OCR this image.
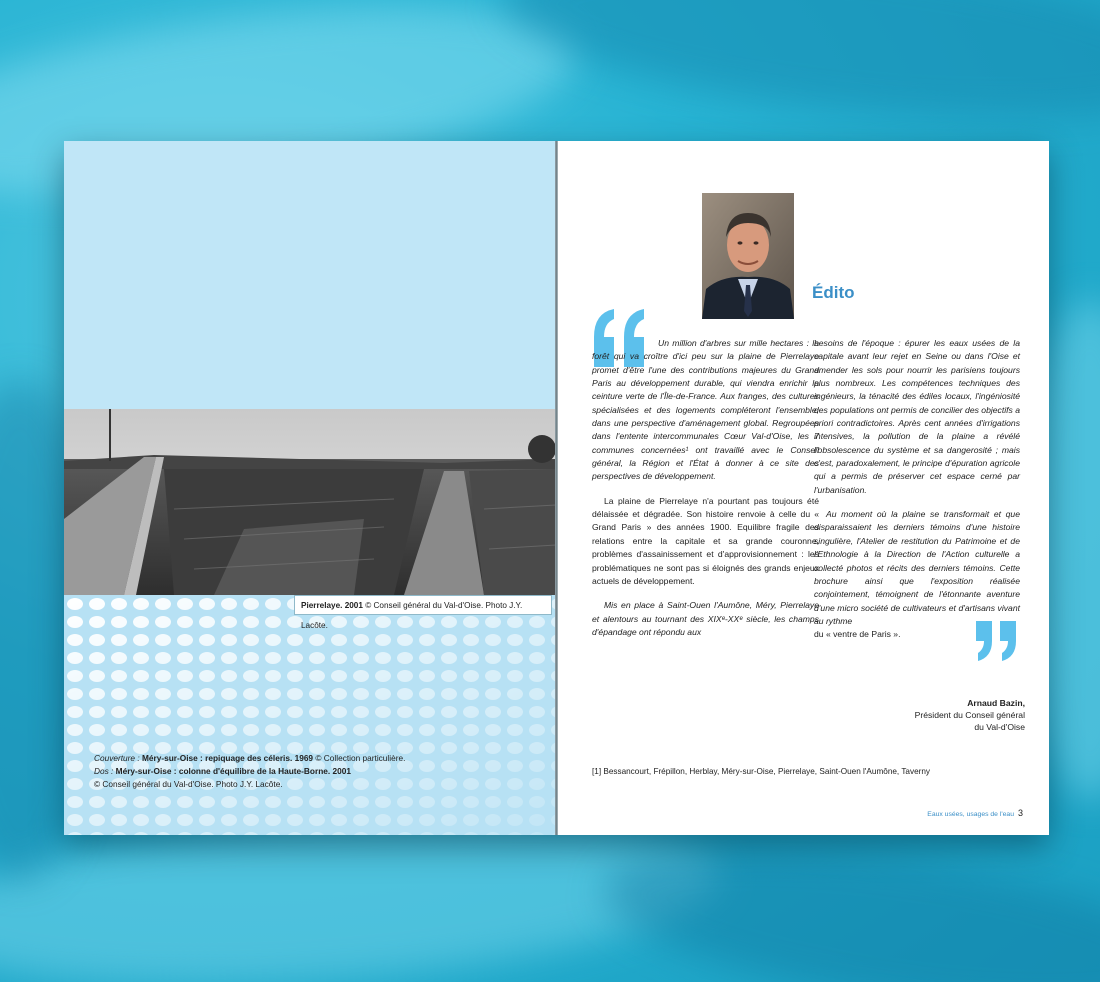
Pierrelaye. 2001 © Conseil général du Val-d'Oise. Photo J.Y. Lacôte.
Couverture : Méry-sur-Oise : repiquage des céleris. 1969 © Collection particulière.
Dos : Méry-sur-Oise : colonne d'équilibre de la Haute-Borne. 2001
© Conseil général du Val-d'Oise. Photo J.Y. Lacôte.
Édito

Un million d'arbres sur mille hectares : la forêt qui va croître d'ici peu sur la plaine de Pierrelaye promet d'être l'une des contributions majeures du Grand Paris au développement durable, qui viendra enrichir la ceinture verte de l'Île-de-France. Aux franges, des cultures spécialisées et des logements compléteront l'ensemble, dans une perspective d'aménagement global. Regroupées dans l'entente intercommunales Cœur Val-d'Oise, les 7 communes concernées¹ ont travaillé avec le Conseil général, la Région et l'État à donner à ce site des perspectives de développement.

La plaine de Pierrelaye n'a pourtant pas toujours été délaissée et dégradée. Son histoire renvoie à celle du « Grand Paris » des années 1900. Equilibre fragile des relations entre la capitale et sa grande couronne, problèmes d'assainissement et d'approvisionnement : les problématiques ne sont pas si éloignés des grands enjeux actuels de développement.

Mis en place à Saint-Ouen l'Aumône, Méry, Pierrelaye et alentours au tournant des XIXᵉ-XXᵉ siècle, les champs d'épandage ont répondu aux

besoins de l'époque : épurer les eaux usées de la capitale avant leur rejet en Seine ou dans l'Oise et amender les sols pour nourrir les parisiens toujours plus nombreux. Les compétences techniques des ingénieurs, la ténacité des édiles locaux, l'ingéniosité des populations ont permis de concilier des objectifs a priori contradictoires. Après cent années d'irrigations intensives, la pollution de la plaine a révélé l'obsolescence du système et sa dangerosité ; mais c'est, paradoxalement, le principe d'épuration agricole qui a permis de préserver cet espace cerné par l'urbanisation.

Au moment où la plaine se transformait et que disparaissaient les derniers témoins d'une histoire singulière, l'Atelier de restitution du Patrimoine et de l'Ethnologie à la Direction de l'Action culturelle a collecté photos et récits des derniers témoins. Cette brochure ainsi que l'exposition réalisée conjointement, témoignent de l'étonnante aventure d'une micro société de cultivateurs et d'artisans vivant au rythme

du « ventre de Paris ».

Arnaud Bazin,
Président du Conseil général
du Val-d'Oise
[1] Bessancourt, Frépillon, Herblay, Méry-sur-Oise, Pierrelaye, Saint-Ouen l'Aumône, Taverny
Eaux usées, usages de l'eau 3
